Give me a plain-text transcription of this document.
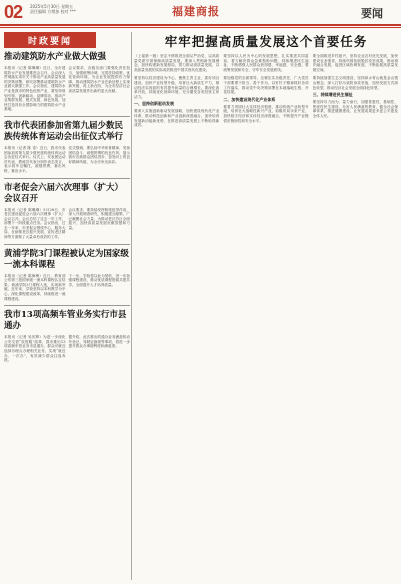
02 2025年5月30日 星期五
责任编辑 方增加 校对 ***	福建商报	要闻
时政要闻
推动建筑防水产业做大做强
本报讯（记者 陈琳琳）近日，全市建筑防水产业发展推进会召开，会议深入贯彻落实省市关于推动产业高质量发展的决策部署，研究部署推动建筑防水产业做大做强工作。会议指出，建筑防水产业是我市的特色优势产业，要坚持规划引领、创新驱动、品牌带动，推动产业集群发展、链式发展、绿色发展，加快打造具有全国影响力的建筑防水产业基地。
会议要求，各级各部门要强化责任担当，加强统筹协调，完善扶持政策，优化营商环境，为企业发展提供有力保障，推动建筑防水产业在新征程上实现新突破、再上新台阶，为全市经济社会高质量发展作出新的更大贡献。
我市代表团参加省第九届少数民族传统体育运动会出征仪式举行
本报讯（记者 陈 奇）近日，我市代表团参加省第九届少数民族传统体育运动会出征仪式举行。仪式上，代表团运动员代表、教练员代表分别作表态发言，表示将牢记嘱托，顽强拼搏，赛出风格，赛出水平。
仪式强调，要弘扬中华体育精神，发扬团结奋斗、顽强拼搏的优良作风，展示我市各族群众团结进步、奋发向上的良好精神风貌，为全市争光添彩。
市老促会六届六次理事（扩大）会议召开
本报讯（记者 陈琳琳）5月28日，市老区建设促进会六届六次理事（扩大）会议召开。会议总结了过去一年工作，部署下一阶段重点任务。会议指出，过去一年来，市老促会围绕中心、服务大局，在助推老区振兴发展、宣传老区精神等方面做了大量卓有成效的工作。
会议要求，要持续发挥桥梁纽带作用，深入开展调查研究，积极建言献策，广泛凝聚社会力量，为推动老区苏区全面振兴、加快高质量发展贡献智慧和力量。
黄浦学院3门课程被认定为国家级一流本科课程
本报讯（记者 陈海梅）近日，教育部公布第三批国家级一流本科课程认定结果，黄浦学院3门课程入选，实现新突破。近年来，学校坚持以本科教学为中心，深化课程建设改革，持续推进一流课程建设。
下一步，学校将以此为契机，进一步加强课程建设，推动优质课程资源共建共享，全面提升人才培养质量。
我市13项高频车管业务实行市县通办
本报讯（记者 吴庆辉）为进一步深化公安交管“放管服”改革，我市推出13项高频车管业务市县通办，群众可就近选择办理点办理相关业务，实现“就近办、一次办”，有效减少群众往返奔波。
据介绍，此次推出的通办业务涵盖机动车登记、驾驶证换领等事项，将进一步提升群众办事便利度和满意度。
牢牢把握高质量发展这个首要任务
（上接第一版）坚定不移推进全面从严治党，以高质量党建引领保障高质量发展。要深入贯彻新发展理念，加快构建新发展格局，着力推动高质量发展，以高质量发展的实际成效推进中国式现代化建设。
要坚持以经济建设为中心，聚焦主责主业，抓好项目建设，加快产业转型升级，培育壮大新质生产力，推动经济实现质的有效提升和量的合理增长。要深化改革开放，持续优化营商环境，充分激发各类经营主体活力。
一、坚持创新驱动发展
要深入实施创新驱动发展战略，加快建设现代化产业体系，推动科技创新和产业创新深度融合，加快培育发展新动能新优势，在推进高质量发展上不断取得新成效。
要坚持以人民为中心的发展思想，扎实推进共同富裕，着力解决群众急难愁盼问题，持续增进民生福祉，不断增强人民群众获得感、幸福感、安全感。要统筹发展和安全，守牢安全发展底线。
要加强党的全面领导，压紧压实各级责任，广大党员干部要勇于担当、善于作为，以钉钉子精神抓好各项工作落实，推动党中央决策部署在本地落地生根、开花结果。
二、加快建设现代化产业体系
要着力巩固壮大实体经济根基，推动传统产业转型升级，培育壮大战略性新兴产业，前瞻布局未来产业，加快数字经济和实体经济深度融合，不断提升产业链供应链韧性和安全水平。
要全面推进乡村振兴，坚持农业农村优先发展，加快建设农业强省，持续巩固拓展脱贫攻坚成果，推动城乡融合发展，促进区域协调发展，不断拓展高质量发展空间。
要持续加强生态文明建设，坚持绿水青山就是金山银山理念，深入打好污染防治攻坚战，加快发展方式绿色转型，推动经济社会发展全面绿色转型。
三、持续增进民生福祉
要坚持尽力而为、量力而行，加强普惠性、基础性、兜底性民生建设，办好人民满意的教育，健全社会保障体系，推进健康建设，让发展成果更多更公平惠及全体人民。
